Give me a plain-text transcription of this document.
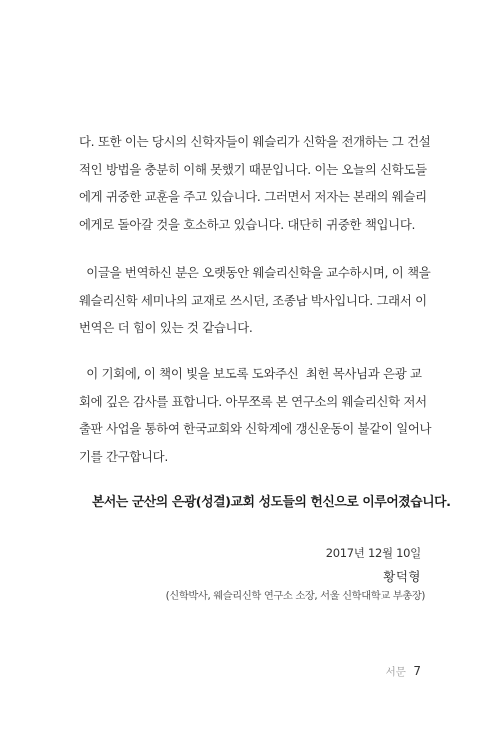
다. 또한 이는 당시의 신학자들이 웨슬리가 신학을 전개하는 그 건설
적인 방법을 충분히 이해 못했기 때문입니다. 이는 오늘의 신학도들
에게 귀중한 교훈을 주고 있습니다. 그러면서 저자는 본래의 웨슬리
에게로 돌아갈 것을 호소하고 있습니다. 대단히 귀중한 책입니다.
이글을 번역하신 분은 오랫동안 웨슬리신학을 교수하시며, 이 책을
웨슬리신학 세미나의 교재로 쓰시던, 조종남 박사입니다. 그래서 이
번역은 더 힘이 있는 것 같습니다.
이 기회에, 이 책이 빛을 보도록 도와주신  최헌 목사님과 은광 교
회에 깊은 감사를 표합니다. 아무쪼록 본 연구소의 웨슬리신학 저서
출판 사업을 통하여 한국교회와 신학계에 갱신운동이 불같이 일어나
기를 간구합니다.
본서는 군산의 은광(성결)교회 성도들의 헌신으로 이루어졌습니다.
2017년 12월 10일
황덕형
(신학박사, 웨슬리신학 연구소 소장, 서울 신학대학교 부총장)
서문 7
